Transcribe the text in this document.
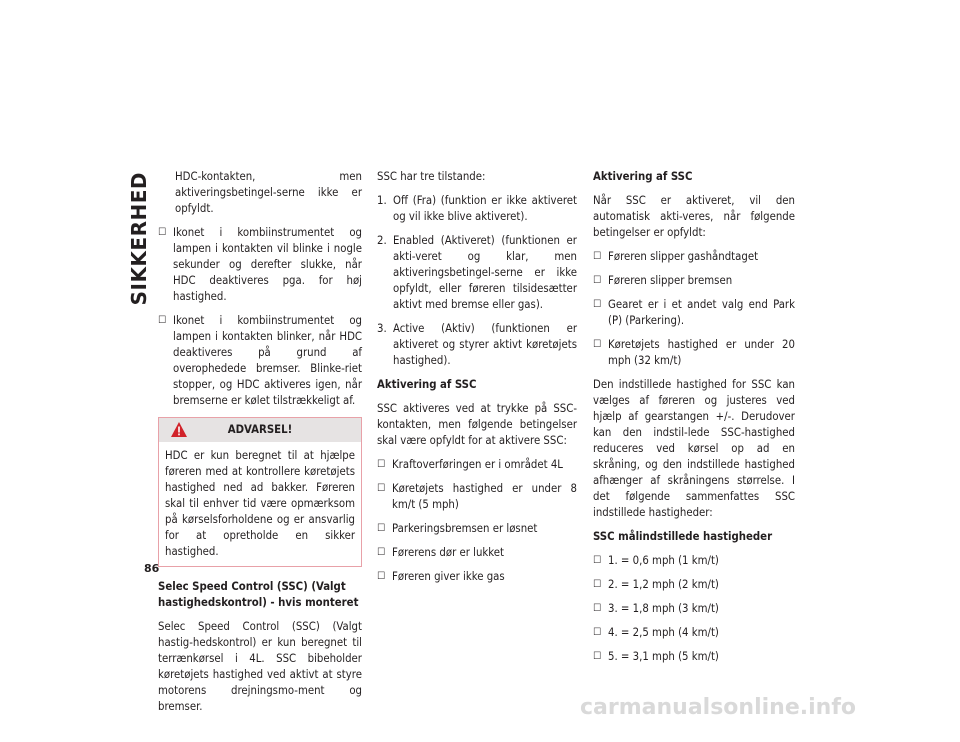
SIKKERHED
86
HDC-kontakten, men aktiveringsbetingel-serne ikke er opfyldt.
☐ Ikonet i kombiinstrumentet og lampen i kontakten vil blinke i nogle sekunder og derefter slukke, når HDC deaktiveres pga. for høj hastighed.
☐ Ikonet i kombiinstrumentet og lampen i kontakten blinker, når HDC deaktiveres på grund af overophedede bremser. Blinke-riet stopper, og HDC aktiveres igen, når bremserne er kølet tilstrækkeligt af.
ADVARSEL!
HDC er kun beregnet til at hjælpe føreren med at kontrollere køretøjets hastighed ned ad bakker. Føreren skal til enhver tid være opmærksom på kørselsforholdene og er ansvarlig for at opretholde en sikker hastighed.
Selec Speed Control (SSC) (Valgt hastighedskontrol) - hvis monteret

Selec Speed Control (SSC) (Valgt hastig-hedskontrol) er kun beregnet til terrænkørsel i 4L. SSC bibeholder køretøjets hastighed ved aktivt at styre motorens drejningsmo-ment og bremser.

SSC har tre tilstande:

1. Off (Fra) (funktion er ikke aktiveret og vil ikke blive aktiveret).
2. Enabled (Aktiveret) (funktionen er akti-veret og klar, men aktiveringsbetingel-serne er ikke opfyldt, eller føreren tilsidesætter aktivt med bremse eller gas).
3. Active (Aktiv) (funktionen er aktiveret og styrer aktivt køretøjets hastighed).
Aktivering af SSC

SSC aktiveres ved at trykke på SSC-kontakten, men følgende betingelser skal være opfyldt for at aktivere SSC:

☐ Kraftoverføringen er i området 4L
☐ Køretøjets hastighed er under 8 km/t (5 mph)
☐ Parkeringsbremsen er løsnet
☐ Førerens dør er lukket
☐ Føreren giver ikke gas
Aktivering af SSC

Når SSC er aktiveret, vil den automatisk akti-veres, når følgende betingelser er opfyldt:

☐ Føreren slipper gashåndtaget
☐ Føreren slipper bremsen
☐ Gearet er i et andet valg end Park (P) (Parkering).
☐ Køretøjets hastighed er under 20 mph (32 km/t)

Den indstillede hastighed for SSC kan vælges af føreren og justeres ved hjælp af gearstangen +/-. Derudover kan den indstil-lede SSC-hastighed reduceres ved kørsel op ad en skråning, og den indstillede hastighed afhænger af skråningens størrelse. I det følgende sammenfattes SSC indstillede hastigheder:

SSC målindstillede hastigheder
☐ 1. = 0,6 mph (1 km/t)
☐ 2. = 1,2 mph (2 km/t)
☐ 3. = 1,8 mph (3 km/t)
☐ 4. = 2,5 mph (4 km/t)
☐ 5. = 3,1 mph (5 km/t)
carmanualsonline.info
